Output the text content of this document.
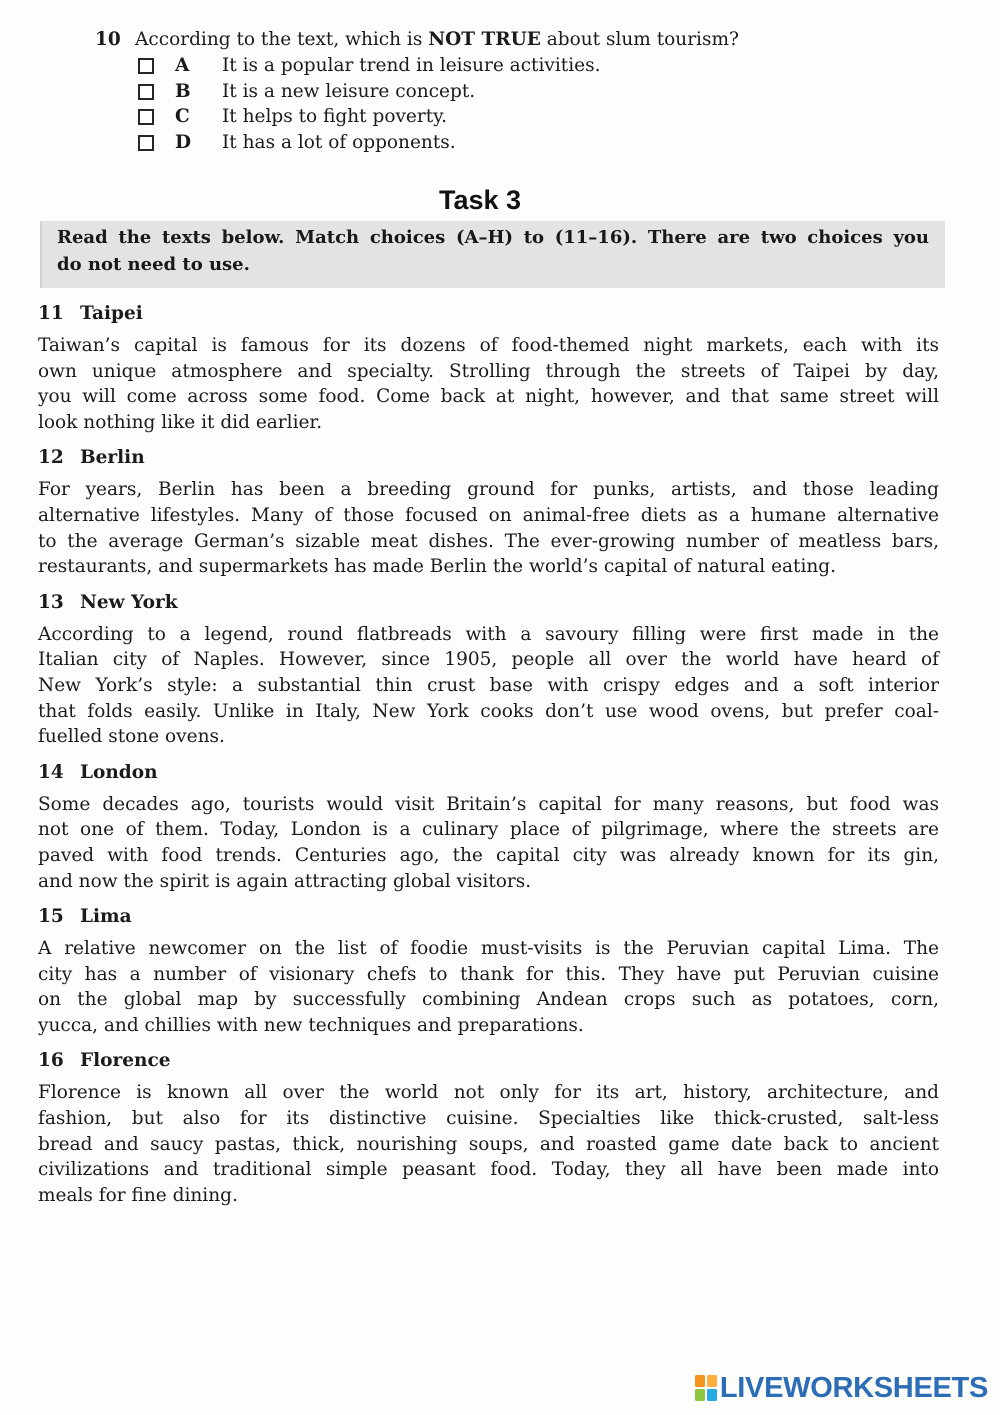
10 According to the text, which is NOT TRUE about slum tourism?
A It is a popular trend in leisure activities.
B It is a new leisure concept.
C It helps to fight poverty.
D It has a lot of opponents.
Task 3
Read the texts below. Match choices (A–H) to (11–16). There are two choices you
do not need to use.
11 Taipei
Taiwan’s capital is famous for its dozens of food-themed night markets, each with its
own unique atmosphere and specialty. Strolling through the streets of Taipei by day,
you will come across some food. Come back at night, however, and that same street will
look nothing like it did earlier.
12 Berlin
For years, Berlin has been a breeding ground for punks, artists, and those leading
alternative lifestyles. Many of those focused on animal-free diets as a humane alternative
to the average German’s sizable meat dishes. The ever-growing number of meatless bars,
restaurants, and supermarkets has made Berlin the world’s capital of natural eating.
13 New York
According to a legend, round flatbreads with a savoury filling were first made in the
Italian city of Naples. However, since 1905, people all over the world have heard of
New York’s style: a substantial thin crust base with crispy edges and a soft interior
that folds easily. Unlike in Italy, New York cooks don’t use wood ovens, but prefer coal-
fuelled stone ovens.
14 London
Some decades ago, tourists would visit Britain’s capital for many reasons, but food was
not one of them. Today, London is a culinary place of pilgrimage, where the streets are
paved with food trends. Centuries ago, the capital city was already known for its gin,
and now the spirit is again attracting global visitors.
15 Lima
A relative newcomer on the list of foodie must-visits is the Peruvian capital Lima. The
city has a number of visionary chefs to thank for this. They have put Peruvian cuisine
on the global map by successfully combining Andean crops such as potatoes, corn,
yucca, and chillies with new techniques and preparations.
16 Florence
Florence is known all over the world not only for its art, history, architecture, and
fashion, but also for its distinctive cuisine. Specialties like thick-crusted, salt-less
bread and saucy pastas, thick, nourishing soups, and roasted game date back to ancient
civilizations and traditional simple peasant food. Today, they all have been made into
meals for fine dining.
LIVEWORKSHEETS
